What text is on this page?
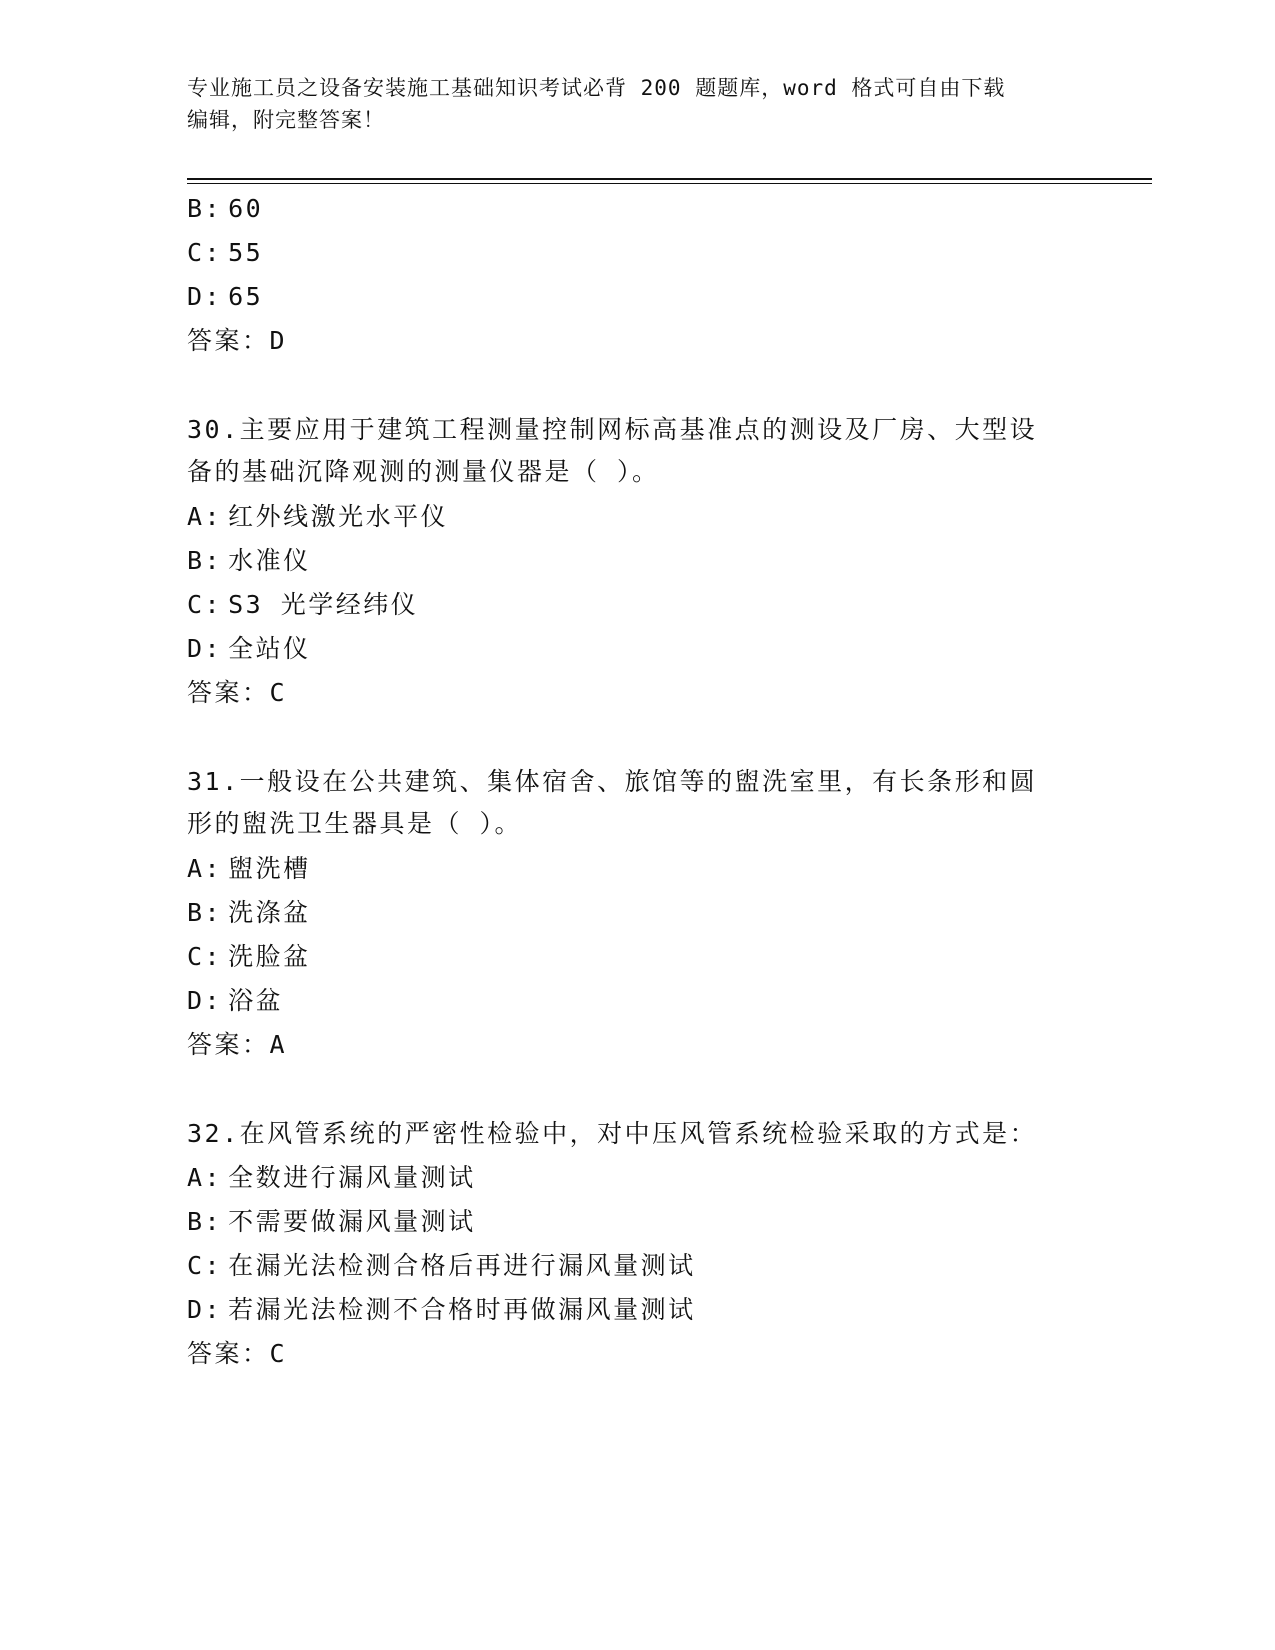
专业施工员之设备安装施工基础知识考试必背 200 题题库，word 格式可自由下载
编辑，附完整答案！
B: 60
C: 55
D: 65
答案：D
30.主要应用于建筑工程测量控制网标高基准点的测设及厂房、大型设
备的基础沉降观测的测量仪器是（ ）。
A: 红外线激光水平仪
B: 水准仪
C: S3 光学经纬仪
D: 全站仪
答案：C
31.一般设在公共建筑、集体宿舍、旅馆等的盥洗室里，有长条形和圆
形的盥洗卫生器具是（ ）。
A: 盥洗槽
B: 洗涤盆
C: 洗脸盆
D: 浴盆
答案：A
32.在风管系统的严密性检验中，对中压风管系统检验采取的方式是：
A: 全数进行漏风量测试
B: 不需要做漏风量测试
C: 在漏光法检测合格后再进行漏风量测试
D: 若漏光法检测不合格时再做漏风量测试
答案：C
